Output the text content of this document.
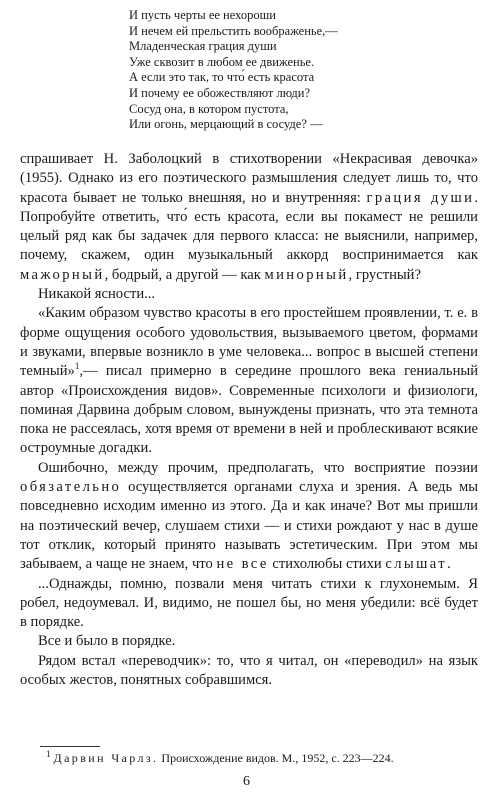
И пусть черты ее нехороши
И нечем ей прельстить воображенье,—
Младенческая грация души
Уже сквозит в любом ее движенье.
А если это так, то что́ есть красота
И почему ее обожествляют люди?
Сосуд она, в котором пустота,
Или огонь, мерцающий в сосуде? —

спрашивает Н. Заболоцкий в стихотворении «Некрасивая девочка» (1955). Однако из его поэтического размышления следует лишь то, что красота бывает не только внешняя, но и внутренняя: грация души. Попробуйте ответить, что́ есть красота, если вы покамест не решили целый ряд как бы задачек для первого класса: не выяснили, например, почему, скажем, один музыкальный аккорд воспринимается как мажорный, бодрый, а другой — как минорный, грустный?

Никакой ясности...

«Каким образом чувство красоты в его простейшем проявлении, т. е. в форме ощущения особого удовольствия, вызываемого цветом, формами и звуками, впервые возникло в уме человека... вопрос в высшей степени темный»$^1$,— писал примерно в середине прошлого века гениальный автор «Происхождения видов». Современные психологи и физиологи, поминая Дарвина добрым словом, вынуждены признать, что эта темнота пока не рассеялась, хотя время от времени в ней и проблескивают всякие остроумные догадки.

Ошибочно, между прочим, предполагать, что восприятие поэзии обязательно осуществляется органами слуха и зрения. А ведь мы повседневно исходим именно из этого. Да и как иначе? Вот мы пришли на поэтический вечер, слушаем стихи — и стихи рождают у нас в душе тот отклик, который принято называть эстетическим. При этом мы забываем, а чаще не знаем, что не все стихолюбы стихи слышат.

...Однажды, помню, позвали меня читать стихи к глухонемым. Я робел, недоумевал. И, видимо, не пошел бы, но меня убедили: всё будет в порядке.

Все и было в порядке.

Рядом встал «переводчик»: то, что я читал, он «переводил» на язык особых жестов, понятных собравшимся.

$^1$ Дарвин Чарлз. Происхождение видов. М., 1952, с. 223—224.
6
